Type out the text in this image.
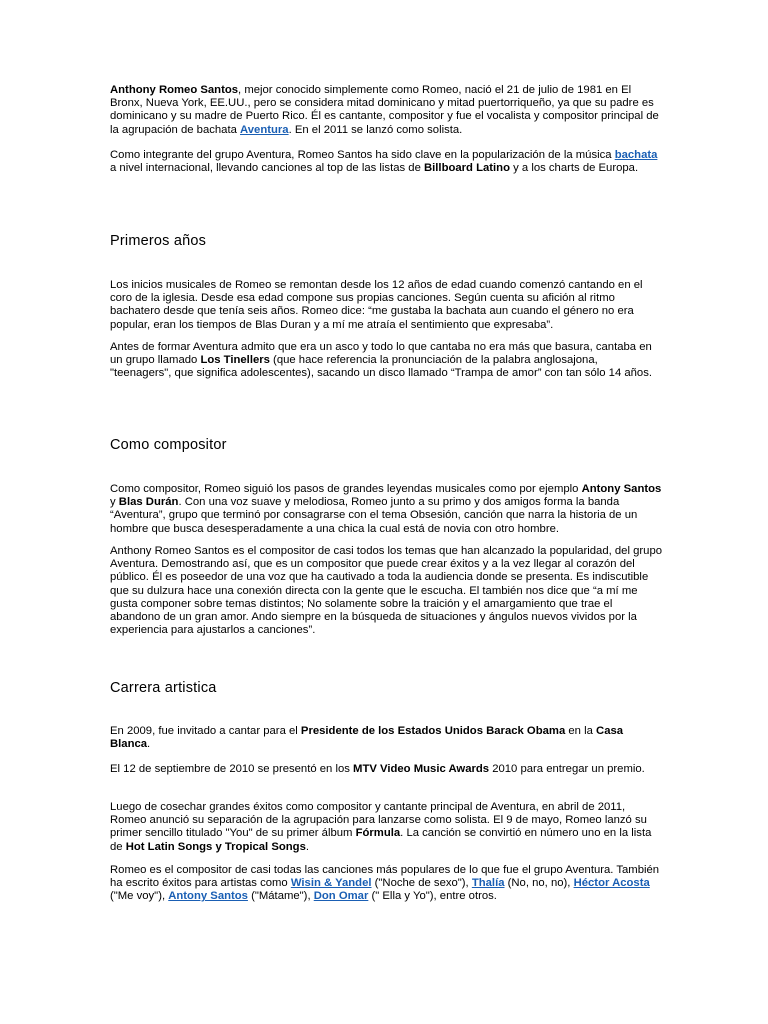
Anthony Romeo Santos, mejor conocido simplemente como Romeo, nació el 21 de julio de 1981 en El Bronx, Nueva York, EE.UU., pero se considera mitad dominicano y mitad puertorriqueño, ya que su padre es dominicano y su madre de Puerto Rico. Él es cantante, compositor y fue el vocalista y compositor principal de la agrupación de bachata Aventura. En el 2011 se lanzó como solista.

Como integrante del grupo Aventura, Romeo Santos ha sido clave en la popularización de la música bachata a nivel internacional, llevando canciones al top de las listas de Billboard Latino y a los charts de Europa.

Primeros años

Los inicios musicales de Romeo se remontan desde los 12 años de edad cuando comenzó cantando en el coro de la iglesia. Desde esa edad compone sus propias canciones. Según cuenta su afición al ritmo bachatero desde que tenía seis años. Romeo dice: “me gustaba la bachata aun cuando el género no era popular, eran los tiempos de Blas Duran y a mí me atraía el sentimiento que expresaba”.

Antes de formar Aventura admito que era un asco y todo lo que cantaba no era más que basura, cantaba en un grupo llamado Los Tinellers (que hace referencia la pronunciación de la palabra anglosajona, "teenagers", que significa adolescentes), sacando un disco llamado “Trampa de amor” con tan sólo 14 años.

Como compositor

Como compositor, Romeo siguió los pasos de grandes leyendas musicales como por ejemplo Antony Santos y Blas Durán. Con una voz suave y melodiosa, Romeo junto a su primo y dos amigos forma la banda “Aventura”, grupo que terminó por consagrarse con el tema Obsesión, canción que narra la historia de un hombre que busca desesperadamente a una chica la cual está de novia con otro hombre.

Anthony Romeo Santos es el compositor de casi todos los temas que han alcanzado la popularidad, del grupo Aventura. Demostrando así, que es un compositor que puede crear éxitos y a la vez llegar al corazón del público. Él es poseedor de una voz que ha cautivado a toda la audiencia donde se presenta. Es indiscutible que su dulzura hace una conexión directa con la gente que le escucha. El también nos dice que “a mí me gusta componer sobre temas distintos; No solamente sobre la traición y el amargamiento que trae el abandono de un gran amor. Ando siempre en la búsqueda de situaciones y ángulos nuevos vividos por la experiencia para ajustarlos a canciones”.

Carrera artistica

En 2009, fue invitado a cantar para el Presidente de los Estados Unidos Barack Obama en la Casa Blanca.

El 12 de septiembre de 2010 se presentó en los MTV Video Music Awards 2010 para entregar un premio.

Luego de cosechar grandes éxitos como compositor y cantante principal de Aventura, en abril de 2011, Romeo anunció su separación de la agrupación para lanzarse como solista. El 9 de mayo, Romeo lanzó su primer sencillo titulado "You" de su primer álbum Fórmula. La canción se convirtió en número uno en la lista de Hot Latin Songs y Tropical Songs.

Romeo es el compositor de casi todas las canciones más populares de lo que fue el grupo Aventura. También ha escrito éxitos para artistas como Wisin & Yandel ("Noche de sexo"), Thalía (No, no, no), Héctor Acosta ("Me voy"), Antony Santos ("Mátame"), Don Omar (" Ella y Yo"), entre otros.
